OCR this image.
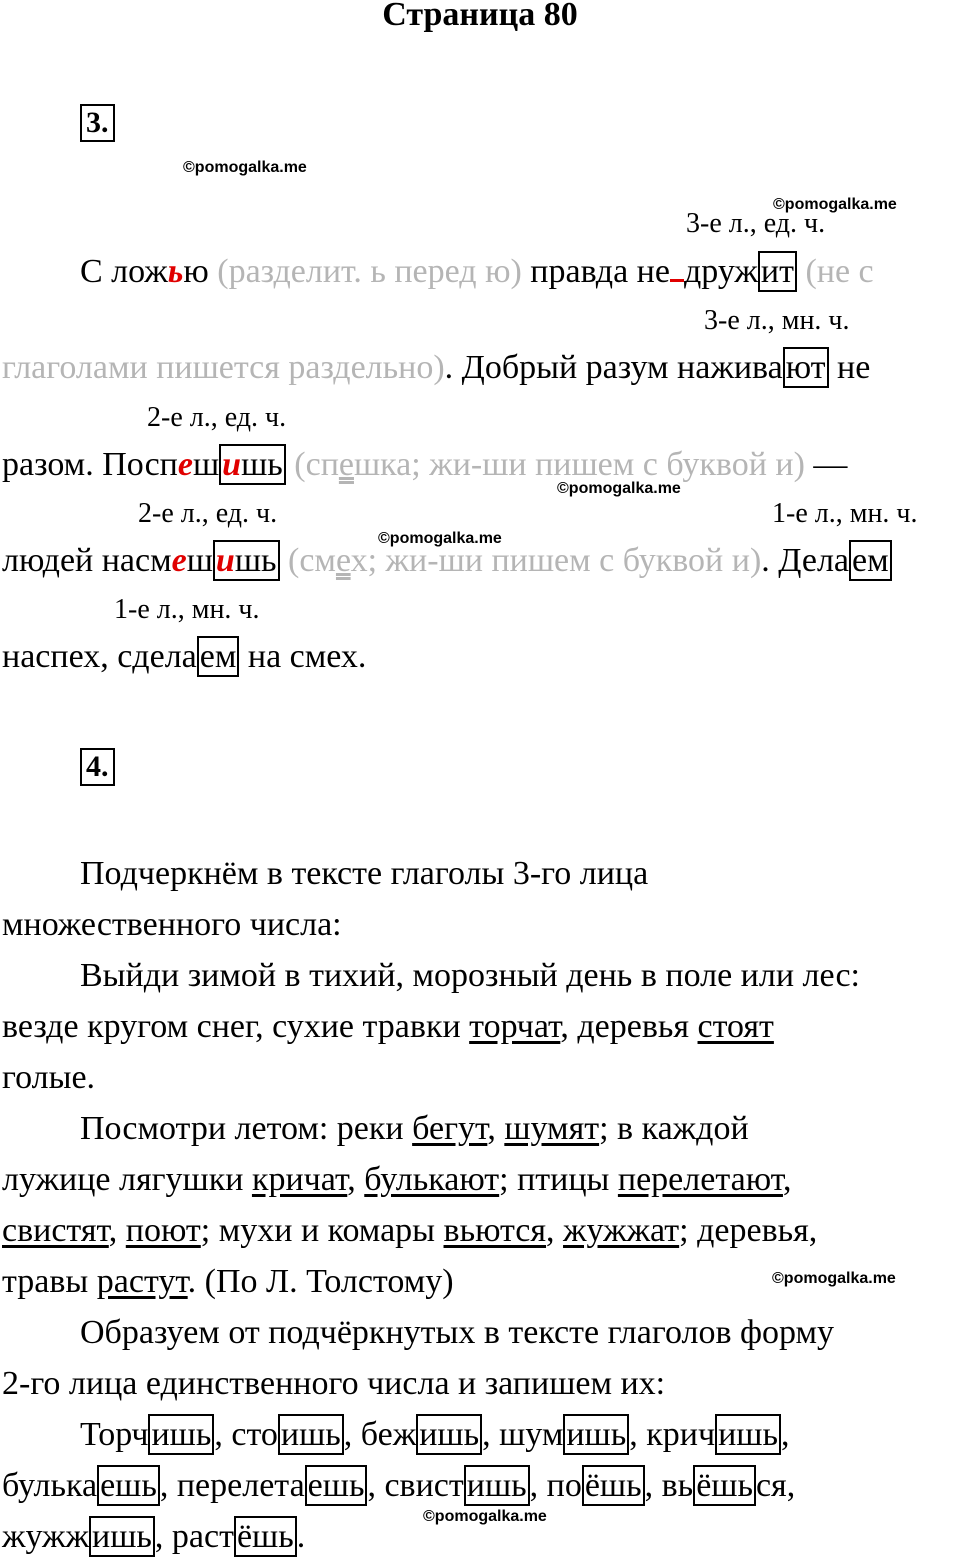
Страница 80
3.
©pomogalka.me
©pomogalka.me
3-е л., ед. ч.
С ложью (разделит. ь перед ю) правда не дружит (не с
3-е л., мн. ч.
глаголами пишется раздельно). Добрый разум наживают не
2-е л., ед. ч.
разом. Поспешишь (спешка; жи-ши пишем с буквой и) —
©pomogalka.me
2-е л., ед. ч.	1-е л., мн. ч.
©pomogalka.me
людей насмешишь (смех; жи-ши пишем с буквой и). Делаем
1-е л., мн. ч.
наспех, сделаем на смех.
4.
Подчеркнём в тексте глаголы 3-го лица
множественного числа:
Выйди зимой в тихий, морозный день в поле или лес:
везде кругом снег, сухие травки торчат, деревья стоят
голые.
Посмотри летом: реки бегут, шумят; в каждой
лужице лягушки кричат, булькают; птицы перелетают,
свистят, поют; мухи и комары вьются, жужжат; деревья,
травы растут. (По Л. Толстому)	©pomogalka.me
Образуем от подчёркнутых в тексте глаголов форму
2-го лица единственного числа и запишем их:
Торчишь, стоишь, бежишь, шумишь, кричишь,
булькаешь, перелетаешь, свистишь, поёшь, вьёшься,
©pomogalka.me
жужжишь, растёшь.
